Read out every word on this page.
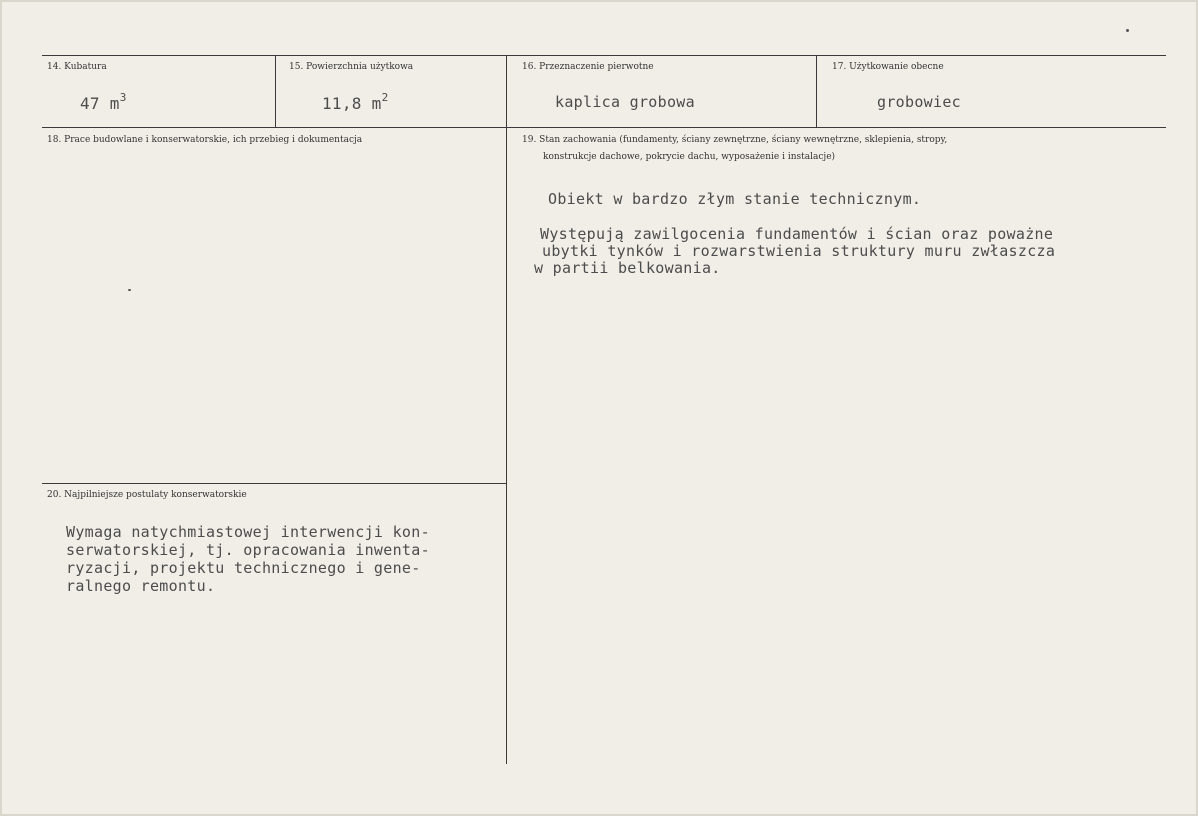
14. Kubatura
47 $m^3$
15. Powierzchnia użytkowa
11,8 $m^2$
16. Przeznaczenie pierwotne
kaplica grobowa
17. Użytkowanie obecne
grobowiec
18. Prace budowlane i konserwatorskie, ich przebieg i dokumentacja	19. Stan zachowania (fundamenty, ściany zewnętrzne, ściany wewnętrzne, sklepienia, stropy,
konstrukcje dachowe, pokrycie dachu, wyposażenie i instalacje)
Obiekt w bardzo złym stanie technicznym.
Występują zawilgocenia fundamentów i ścian oraz poważne
ubytki tynków i rozwarstwienia struktury muru zwłaszcza
w partii belkowania.
20. Najpilniejsze postulaty konserwatorskie
Wymaga natychmiastowej interwencji kon-
serwatorskiej, tj. opracowania inwenta-
ryzacji, projektu technicznego i gene-
ralnego remontu.
